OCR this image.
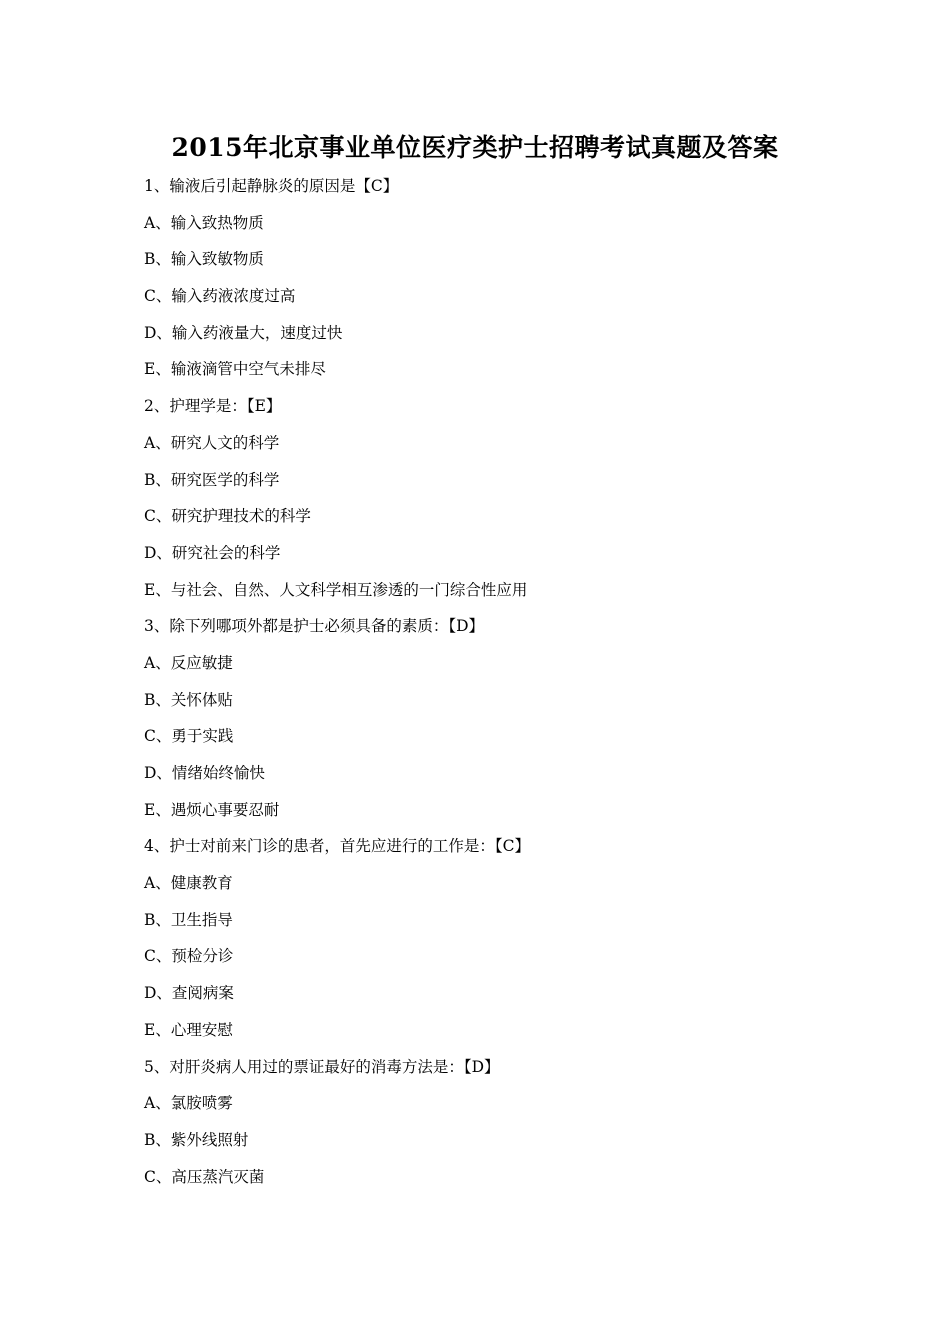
2015年北京事业单位医疗类护士招聘考试真题及答案
1、输液后引起静脉炎的原因是【C】
A、输入致热物质
B、输入致敏物质
C、输入药液浓度过高
D、输入药液量大，速度过快
E、输液滴管中空气未排尽
2、护理学是：【E】
A、研究人文的科学
B、研究医学的科学
C、研究护理技术的科学
D、研究社会的科学
E、与社会、自然、人文科学相互渗透的一门综合性应用
3、除下列哪项外都是护士必须具备的素质：【D】
A、反应敏捷
B、关怀体贴
C、勇于实践
D、情绪始终愉快
E、遇烦心事要忍耐
4、护士对前来门诊的患者，首先应进行的工作是：【C】
A、健康教育
B、卫生指导
C、预检分诊
D、查阅病案
E、心理安慰
5、对肝炎病人用过的票证最好的消毒方法是：【D】
A、氯胺喷雾
B、紫外线照射
C、高压蒸汽灭菌
